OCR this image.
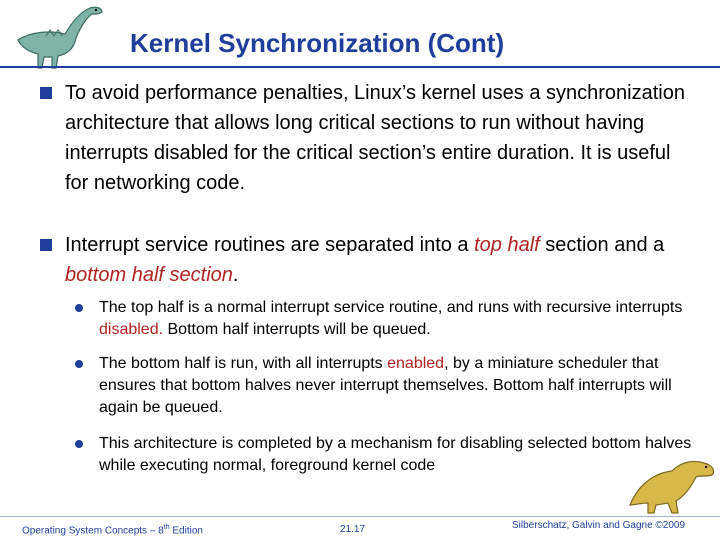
Kernel Synchronization (Cont)
To avoid performance penalties, Linux’s kernel uses a synchronization architecture that allows long critical sections to run without having interrupts disabled for the critical section’s entire duration. It is useful for networking code.
Interrupt service routines are separated into a top half section and a bottom half section.
The top half is a normal interrupt service routine, and runs with recursive interrupts disabled. Bottom half interrupts will be queued.
The bottom half is run, with all interrupts enabled, by a miniature scheduler that ensures that bottom halves never interrupt themselves. Bottom half interrupts will again be queued.
This architecture is completed by a mechanism for disabling selected bottom halves while executing normal, foreground kernel code
Operating System Concepts – 8th Edition	21.17	Silberschatz, Galvin and Gagne ©2009
